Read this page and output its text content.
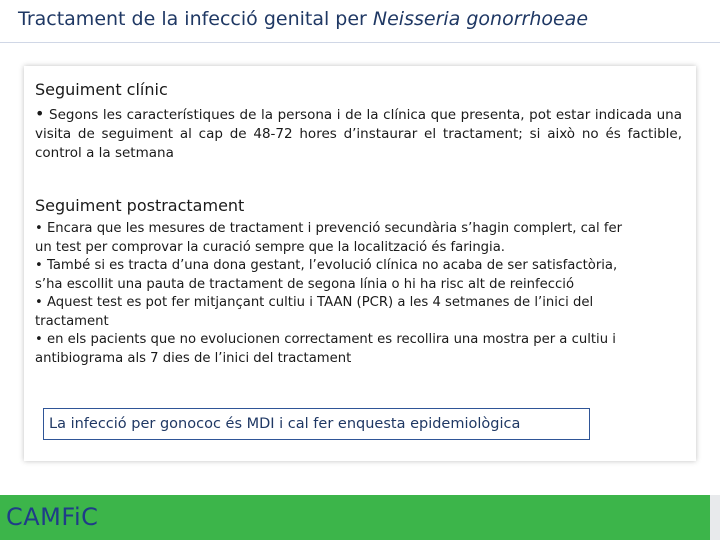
Tractament de la infecció genital per Neisseria gonorrhoeae
Seguiment clínic
• Segons les característiques de la persona i de la clínica que presenta, pot estar indicada una visita de seguiment al cap de 48-72 hores d’instaurar el tractament; si això no és factible, control a la setmana
Seguiment postractament
• Encara que les mesures de tractament i prevenció secundària s’hagin complert, cal fer
un test per comprovar la curació sempre que la localització és faringia.
• També si es tracta d’una dona gestant, l’evolució clínica no acaba de ser satisfactòria,
s’ha escollit una pauta de tractament de segona línia o hi ha risc alt de reinfecció
• Aquest test es pot fer mitjançant cultiu i TAAN (PCR) a les 4 setmanes de l’inici del
tractament
• en els pacients que no evolucionen correctament es recollira una mostra per a cultiu i
antibiograma als 7 dies de l’inici del tractament
La infecció per gonococ és MDI i cal fer enquesta epidemiològica
CAMFiC
